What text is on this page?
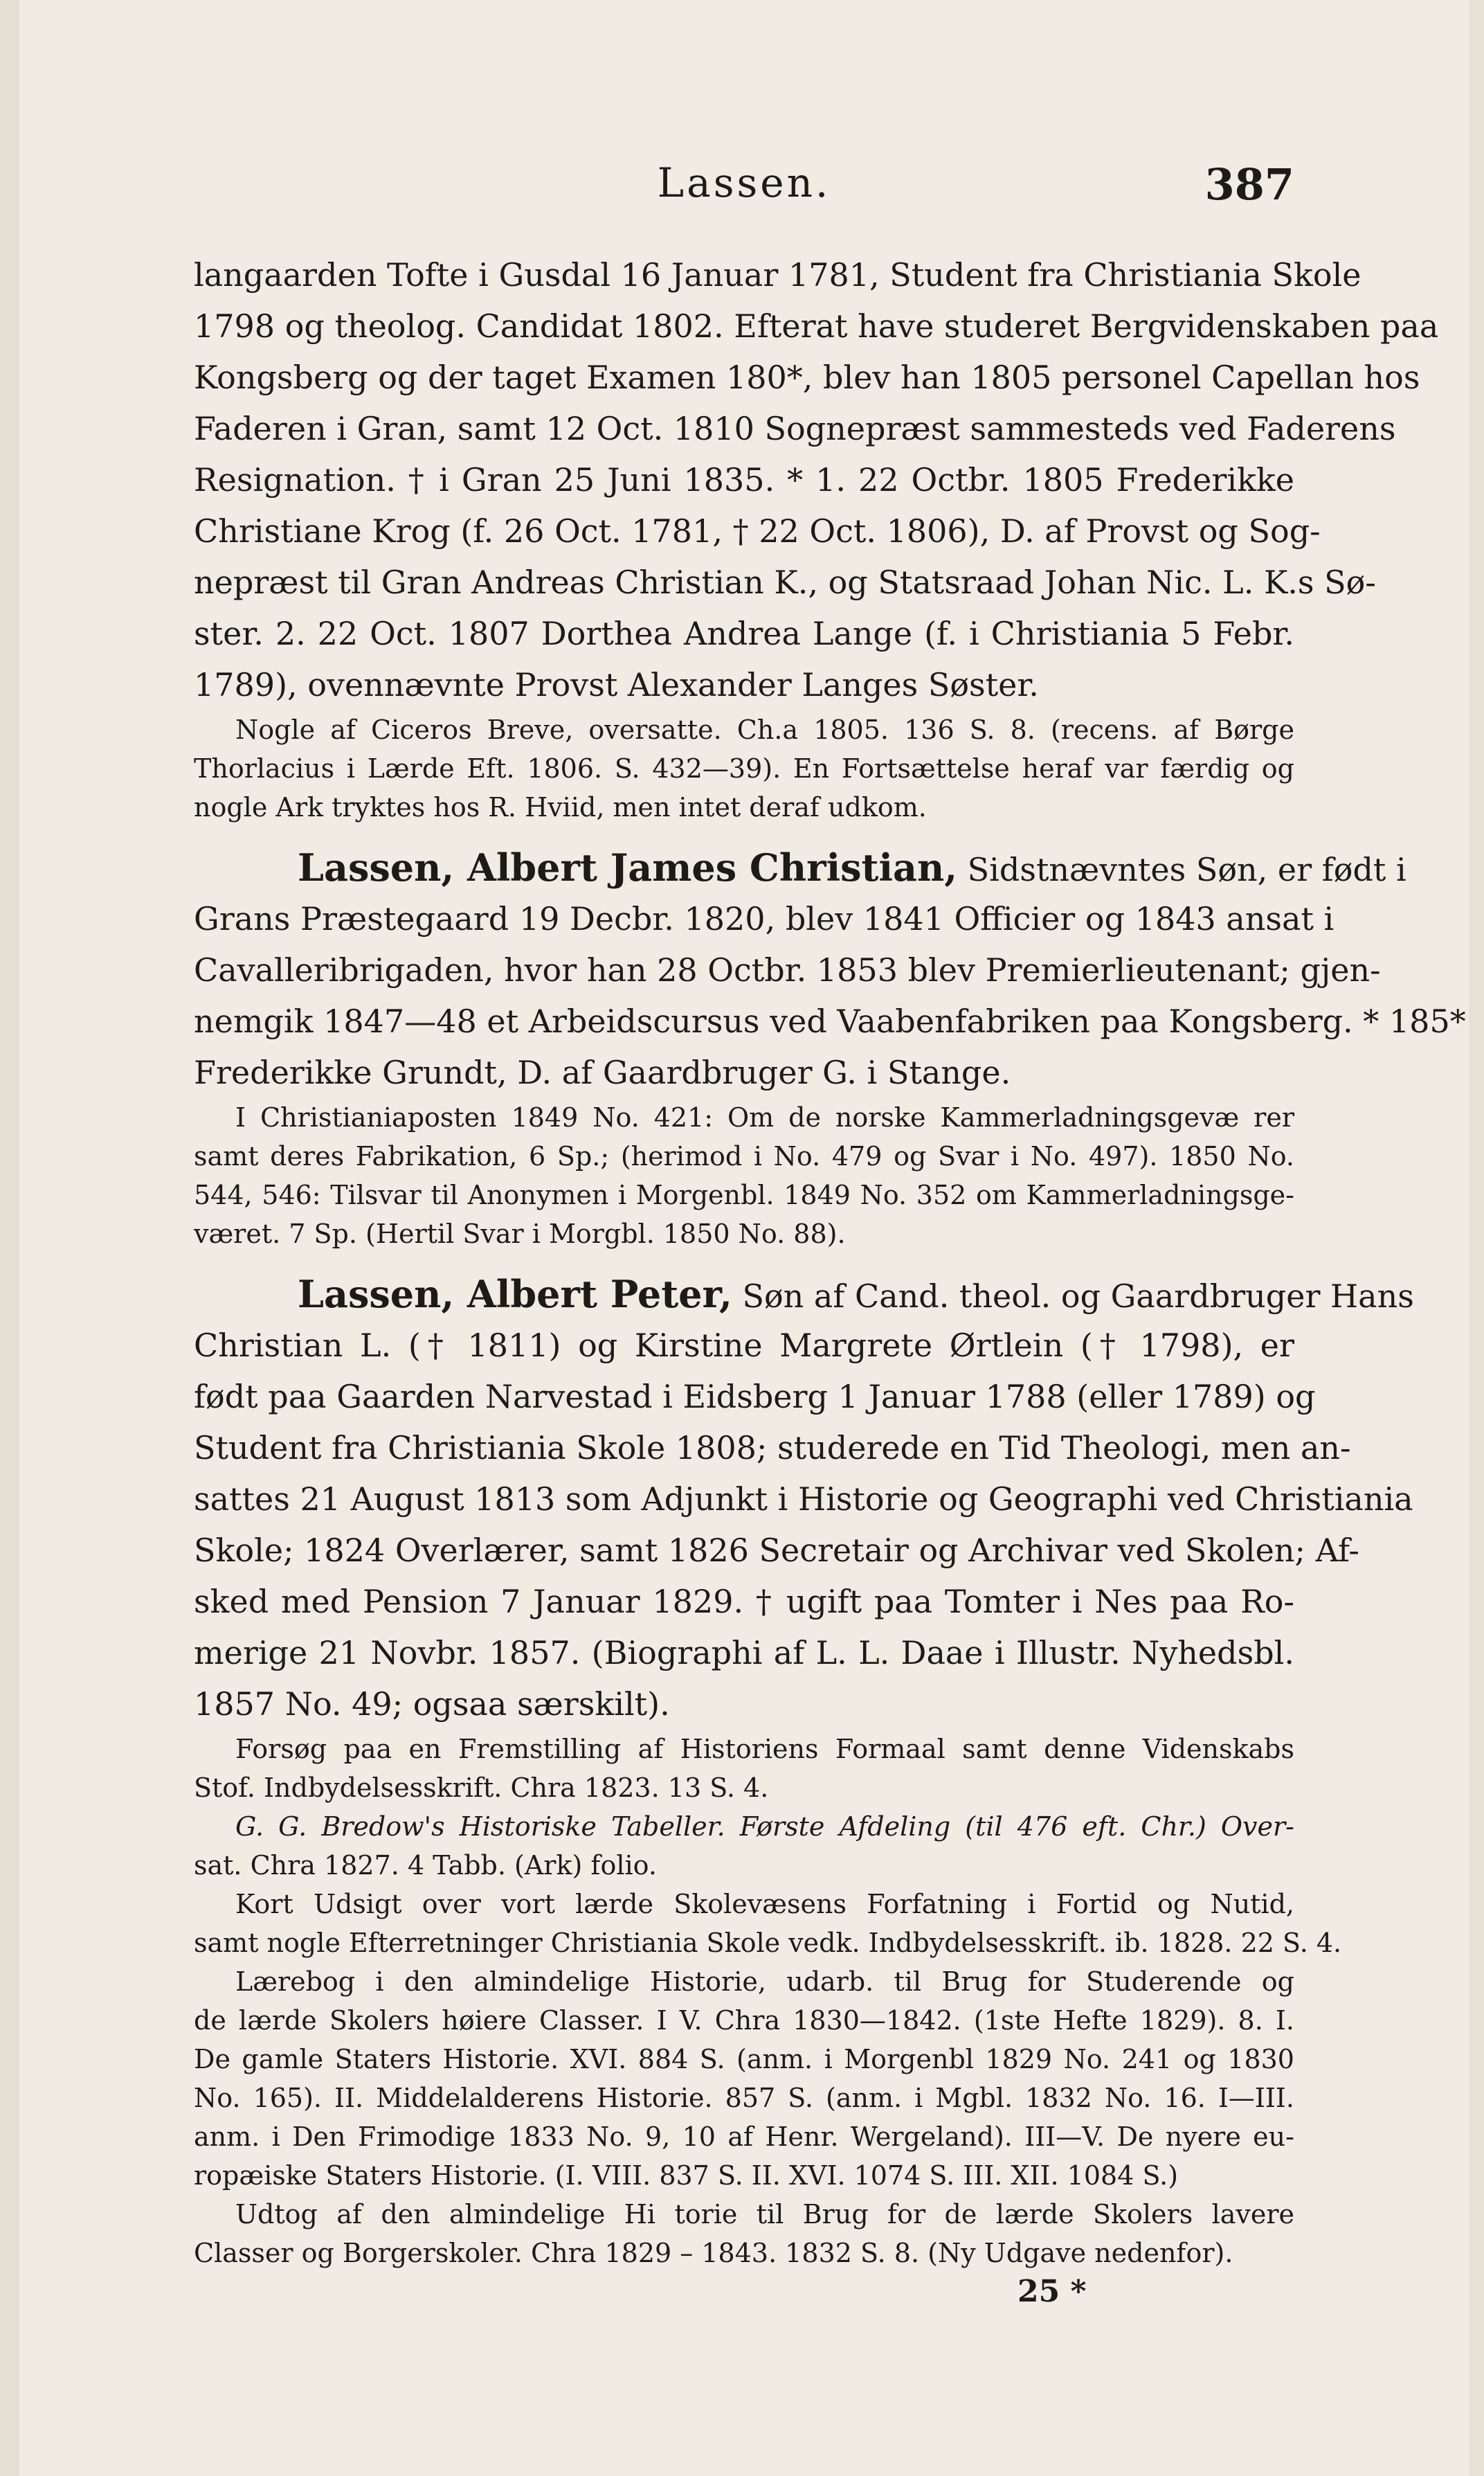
Lassen.	387
langaarden Tofte i Gusdal 16 Januar 1781, Student fra Christiania Skole
1798 og theolog. Candidat 1802. Efterat have studeret Bergvidenskaben paa
Kongsberg og der taget Examen 180*, blev han 1805 personel Capellan hos
Faderen i Gran, samt 12 Oct. 1810 Sognepræst sammesteds ved Faderens
Resignation. † i Gran 25 Juni 1835. * 1. 22 Octbr. 1805 Frederikke
Christiane Krog (f. 26 Oct. 1781, † 22 Oct. 1806), D. af Provst og Sog-
nepræst til Gran Andreas Christian K., og Statsraad Johan Nic. L. K.s Sø-
ster. 2. 22 Oct. 1807 Dorthea Andrea Lange (f. i Christiania 5 Febr.
1789), ovennævnte Provst Alexander Langes Søster.
Nogle af Ciceros Breve, oversatte. Ch.a 1805. 136 S. 8. (recens. af Børge
Thorlacius i Lærde Eft. 1806. S. 432—39). En Fortsættelse heraf var færdig og
nogle Ark tryktes hos R. Hviid, men intet deraf udkom.
Lassen, Albert James Christian, Sidstnævntes Søn, er født i
Grans Præstegaard 19 Decbr. 1820, blev 1841 Officier og 1843 ansat i
Cavalleribrigaden, hvor han 28 Octbr. 1853 blev Premierlieutenant; gjen-
nemgik 1847—48 et Arbeidscursus ved Vaabenfabriken paa Kongsberg. * 185*
Frederikke Grundt, D. af Gaardbruger G. i Stange.
I Christianiaposten 1849 No. 421: Om de norske Kammerladningsgevæ rer
samt deres Fabrikation, 6 Sp.; (herimod i No. 479 og Svar i No. 497). 1850 No.
544, 546: Tilsvar til Anonymen i Morgenbl. 1849 No. 352 om Kammerladningsge-
været. 7 Sp. (Hertil Svar i Morgbl. 1850 No. 88).
Lassen, Albert Peter, Søn af Cand. theol. og Gaardbruger Hans
Christian L. († 1811) og Kirstine Margrete Ørtlein († 1798), er
født paa Gaarden Narvestad i Eidsberg 1 Januar 1788 (eller 1789) og
Student fra Christiania Skole 1808; studerede en Tid Theologi, men an-
sattes 21 August 1813 som Adjunkt i Historie og Geographi ved Christiania
Skole; 1824 Overlærer, samt 1826 Secretair og Archivar ved Skolen; Af-
sked med Pension 7 Januar 1829. † ugift paa Tomter i Nes paa Ro-
merige 21 Novbr. 1857. (Biographi af L. L. Daae i Illustr. Nyhedsbl.
1857 No. 49; ogsaa særskilt).
Forsøg paa en Fremstilling af Historiens Formaal samt denne Videnskabs
Stof. Indbydelsesskrift. Chra 1823. 13 S. 4.
G. G. Bredow's Historiske Tabeller. Første Afdeling (til 476 eft. Chr.) Over-
sat. Chra 1827. 4 Tabb. (Ark) folio.
Kort Udsigt over vort lærde Skolevæsens Forfatning i Fortid og Nutid,
samt nogle Efterretninger Christiania Skole vedk. Indbydelsesskrift. ib. 1828. 22 S. 4.
Lærebog i den almindelige Historie, udarb. til Brug for Studerende og
de lærde Skolers høiere Classer. I V. Chra 1830—1842. (1ste Hefte 1829). 8. I.
De gamle Staters Historie. XVI. 884 S. (anm. i Morgenbl 1829 No. 241 og 1830
No. 165). II. Middelalderens Historie. 857 S. (anm. i Mgbl. 1832 No. 16. I—III.
anm. i Den Frimodige 1833 No. 9, 10 af Henr. Wergeland). III—V. De nyere eu-
ropæiske Staters Historie. (I. VIII. 837 S. II. XVI. 1074 S. III. XII. 1084 S.)
Udtog af den almindelige Hi torie til Brug for de lærde Skolers lavere
Classer og Borgerskoler. Chra 1829 – 1843. 1832 S. 8. (Ny Udgave nedenfor).
25 *
